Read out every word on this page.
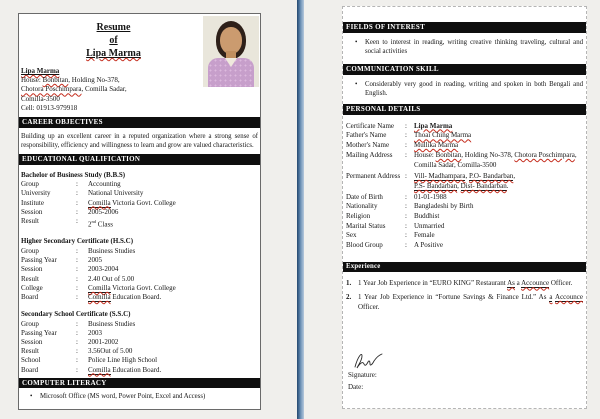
Resume
of
Lipa Marma
Lipa Marma
House: Bonbitan, Holding No-378,
Chotora Poschimpara, Comilla Sadar,
Comilla-3500
Cell: 01913-979918
CAREER OBJECTIVES
Building up an excellent career in a reputed organization where a strong sense of
responsibility, efficiency and willingness to learn and grow are valued characteristics.
EDUCATIONAL QUALIFICATION
Bachelor of Business Study (B.B.S)
Group	:	Accounting
University	:	National University
Institute	:	Comilla Victoria Govt. College
Session	:	2005-2006
Result	:	2nd Class
Higher Secondary Certificate (H.S.C)
Group	:	Business Studies
Passing Year	:	2005
Session	:	2003-2004
Result	:	2.40 Out of 5.00
College	:	Comilla Victoria Govt. College
Board	:	Comilla Education Board.
Secondary School Certificate (S.S.C)
Group	:	Business Studies
Passing Year	:	2003
Session	:	2001-2002
Result	:	3.56Out of 5.00
School	:	Police Line High School
Board	:	Comilla Education Board.
COMPUTER LITERACY
•	Microsoft Office (MS word, Power Point, Excel and Access)
FIELDS OF INTEREST
•	Keen to interest in reading, writing creative thinking traveling, cultural and
social activities
COMMUNICATION SKILL
•	Considerably very good in reading, writing and spoken in both Bengali and
English.
PERSONAL DETAILS
Certificate Name	:	Lipa Marma
Father's Name	:	Thoai Ching Marma
Mother's Name	:	Mullika Marma
Mailing Address	:	House: Bonbitan, Holding No-378, Chotora Poschimpara,
Comilla Sadar, Comilla-3500
Permanent Address :	Vill- Madhampara, P.O- Bandarban,
P.S- Bandarban, Dist- Bandarban.
Date of Birth	:	01-01-1988
Nationality	:	Bangladeshi by Birth
Religion	:	Buddhist
Marital Status	:	Unmarried
Sex	:	Female
Blood Group	:	A Positive
Experience
1. 1 Year Job Experience in “EURO KING” Restaurant As a Accounce Officer.
2. 1 Year Job Experience in “Fortune Savings & Finance Ltd.” As a Accounce
Officer.
Signature:
Date:
